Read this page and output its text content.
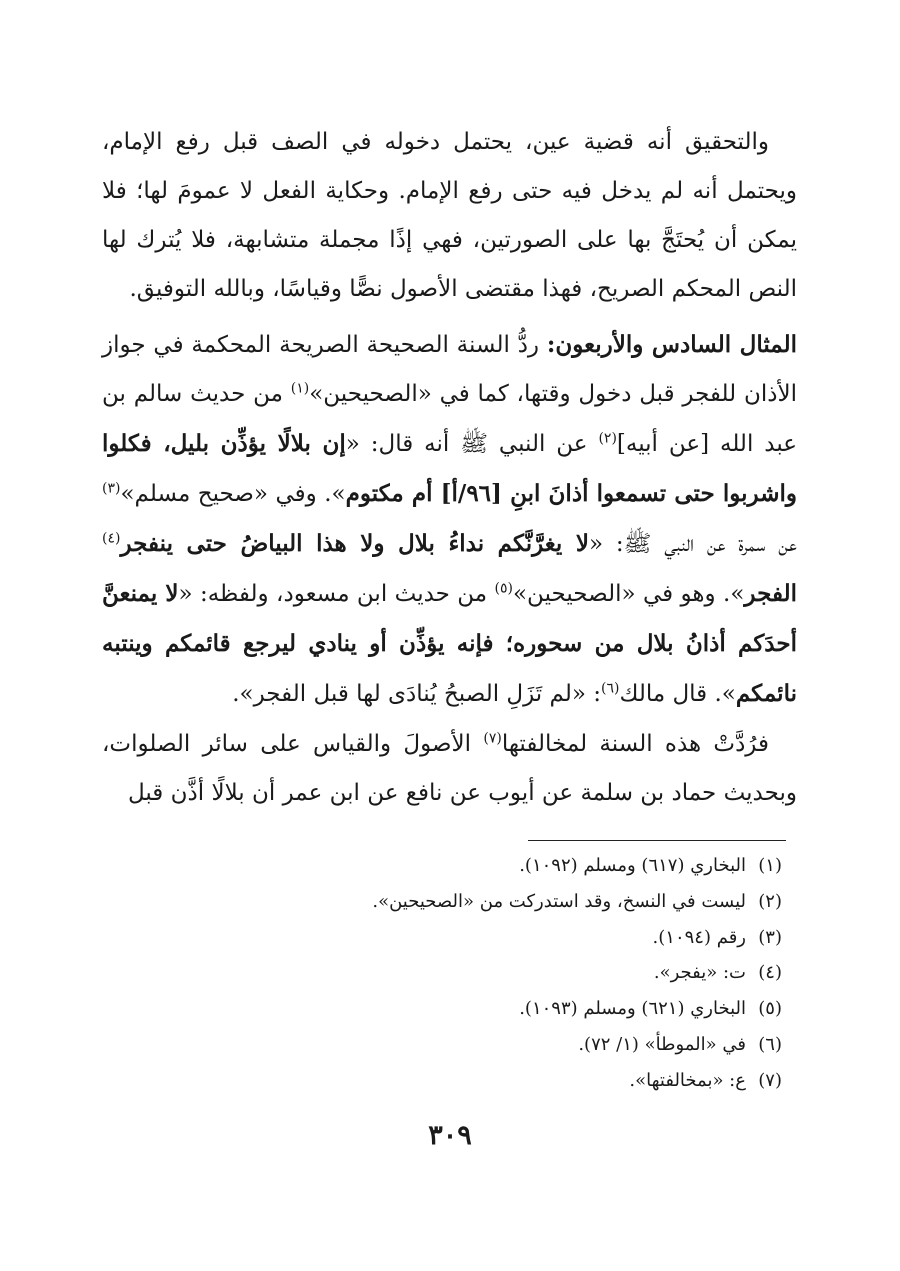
والتحقيق أنه قضية عين، يحتمل دخوله في الصف قبل رفع الإمام، ويحتمل أنه لم يدخل فيه حتى رفع الإمام. وحكاية الفعل لا عمومَ لها؛ فلا يمكن أن يُحتَجَّ بها على الصورتين، فهي إذًا مجملة متشابهة، فلا يُترك لها النص المحكم الصريح، فهذا مقتضى الأصول نصًّا وقياسًا، وبالله التوفيق.

المثال السادس والأربعون: ردُّ السنة الصحيحة الصريحة المحكمة في جواز الأذان للفجر قبل دخول وقتها، كما في «الصحيحين»$^{(١)}$ من حديث سالم بن عبد الله [عن أبيه]$^{(٢)}$ عن النبي ﷺ أنه قال: «إن بلالًا يؤذِّن بليل، فكلوا واشربوا حتى تسمعوا أذانَ ابنِ [٩٦/أ] أم مكتوم». وفي «صحيح مسلم»$^{(٣)}$ عن سمرة عن النبي ﷺ: «لا يغرَّنَّكم نداءُ بلال ولا هذا البياضُ حتى ينفجر$^{(٤)}$ الفجر». وهو في «الصحيحين»$^{(٥)}$ من حديث ابن مسعود، ولفظه: «لا يمنعنَّ أحدَكم أذانُ بلال من سحوره؛ فإنه يؤذِّن أو ينادي ليرجع قائمكم وينتبه نائمكم». قال مالك$^{(٦)}$: «لم تَزَلِ الصبحُ يُنادَى لها قبل الفجر».

فرُدَّتْ هذه السنة لمخالفتها$^{(٧)}$ الأصولَ والقياس على سائر الصلوات، وبحديث حماد بن سلمة عن أيوب عن نافع عن ابن عمر أن بلالًا أذَّن قبل

(١)البخاري (٦١٧) ومسلم (١٠٩٢).
(٢)ليست في النسخ، وقد استدركت من «الصحيحين».
(٣)رقم (١٠٩٤).
(٤)ت: «يفجر».
(٥)البخاري (٦٢١) ومسلم (١٠٩٣).
(٦)في «الموطأ» (١/ ٧٢).
(٧)ع: «بمخالفتها».
٣٠٩
